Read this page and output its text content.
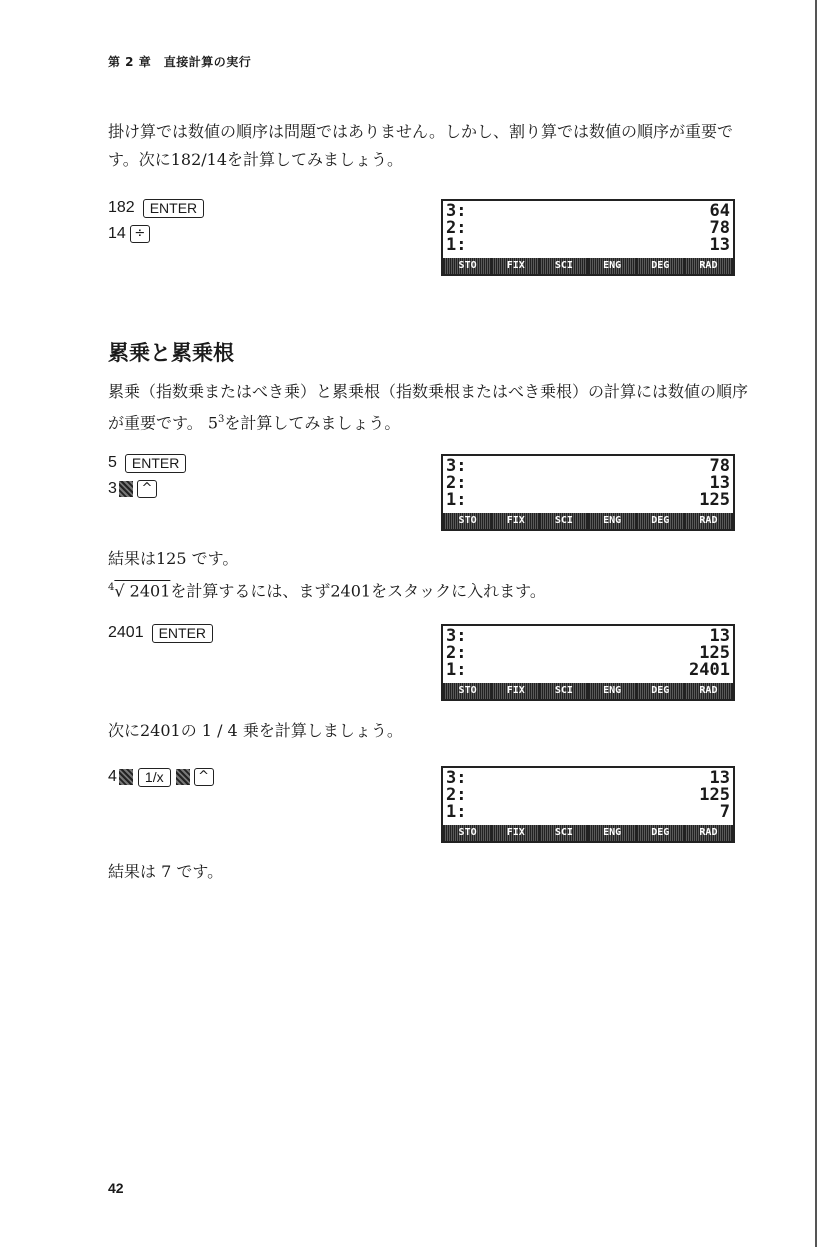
第 2 章　直接計算の実行
掛け算では数値の順序は問題ではありません。しかし、割り算では数値の順序が重要です。次に182/14を計算してみましょう。
182	ENTER
14 ÷
3:	64
2:	78
1:	13
STO	FIX	SCI	ENG	DEG	RAD
累乗と累乗根
累乗（指数乗またはべき乗）と累乗根（指数乗根またはべき乗根）の計算には数値の順序が重要です。 $5^3$を計算してみましょう。
5	ENTER
3	^
3:	78
2:	13
1:	125
STO	FIX	SCI	ENG	DEG	RAD
結果は125 です。
$^4$√ 2401を計算するには、まず2401をスタックに入れます。
2401	ENTER	3:	13
2:	125
1:	2401
STO	FIX	SCI	ENG	DEG	RAD
次に2401の 1 / 4 乗を計算しましょう。
4	1/x	^	3:	13
2:	125
1:	7
STO	FIX	SCI	ENG	DEG	RAD
結果は 7 です。
42
